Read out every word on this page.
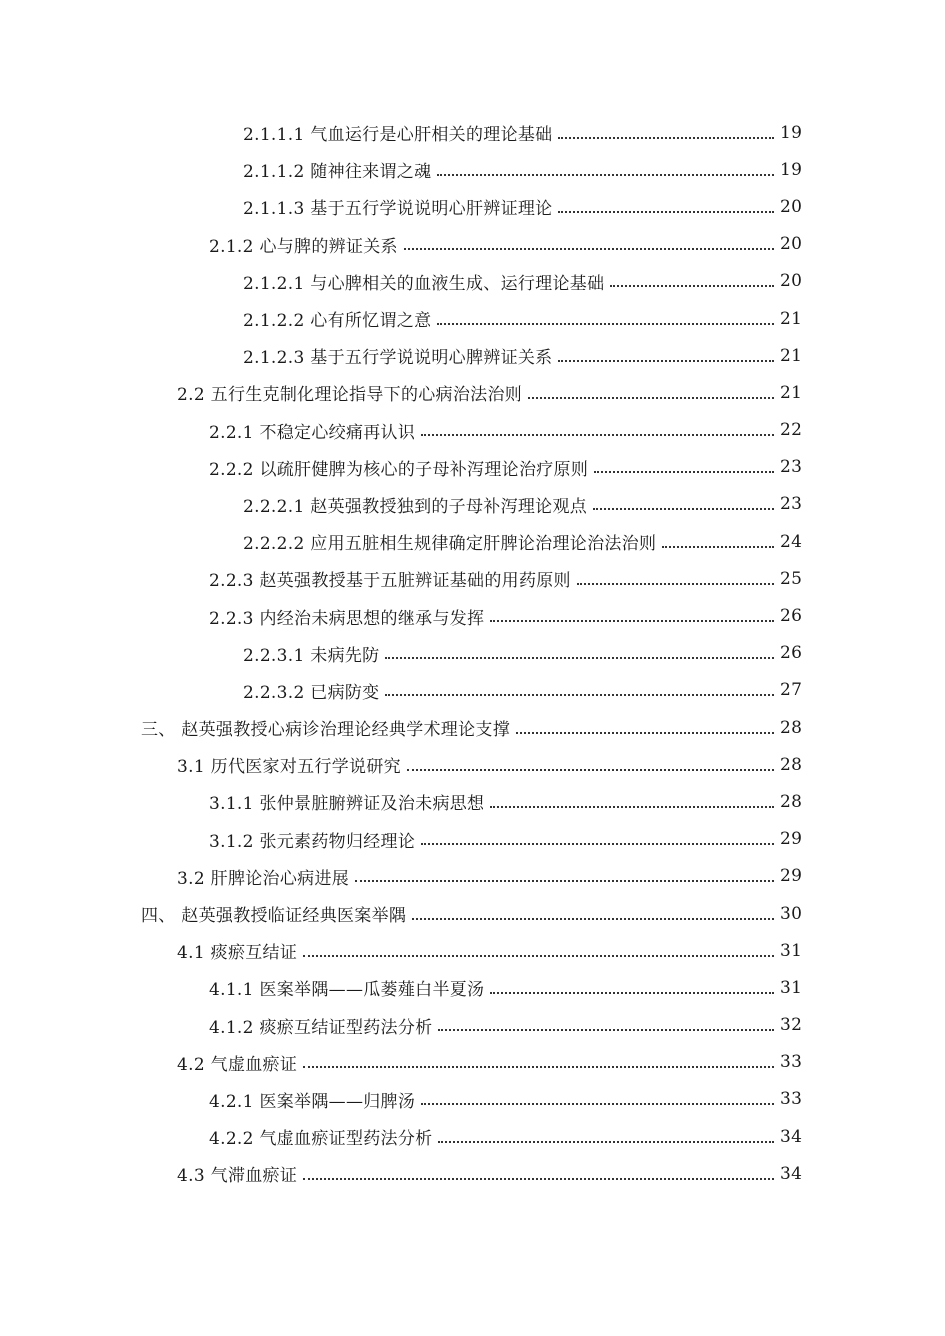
2.1.1.1 气血运行是心肝相关的理论基础	19
2.1.1.2 随神往来谓之魂	19
2.1.1.3 基于五行学说说明心肝辨证理论	20
2.1.2 心与脾的辨证关系	20
2.1.2.1 与心脾相关的血液生成、运行理论基础	20
2.1.2.2 心有所忆谓之意	21
2.1.2.3 基于五行学说说明心脾辨证关系	21
2.2 五行生克制化理论指导下的心病治法治则	21
2.2.1 不稳定心绞痛再认识	22
2.2.2 以疏肝健脾为核心的子母补泻理论治疗原则	23
2.2.2.1 赵英强教授独到的子母补泻理论观点	23
2.2.2.2 应用五脏相生规律确定肝脾论治理论治法治则	24
2.2.3 赵英强教授基于五脏辨证基础的用药原则	25
2.2.3 内经治未病思想的继承与发挥	26
2.2.3.1 未病先防	26
2.2.3.2 已病防变	27
三、 赵英强教授心病诊治理论经典学术理论支撑	28
3.1 历代医家对五行学说研究	28
3.1.1 张仲景脏腑辨证及治未病思想	28
3.1.2 张元素药物归经理论	29
3.2 肝脾论治心病进展	29
四、 赵英强教授临证经典医案举隅	30
4.1 痰瘀互结证	31
4.1.1 医案举隅——瓜蒌薤白半夏汤	31
4.1.2 痰瘀互结证型药法分析	32
4.2 气虚血瘀证	33
4.2.1 医案举隅——归脾汤	33
4.2.2 气虚血瘀证型药法分析	34
4.3 气滞血瘀证	34
